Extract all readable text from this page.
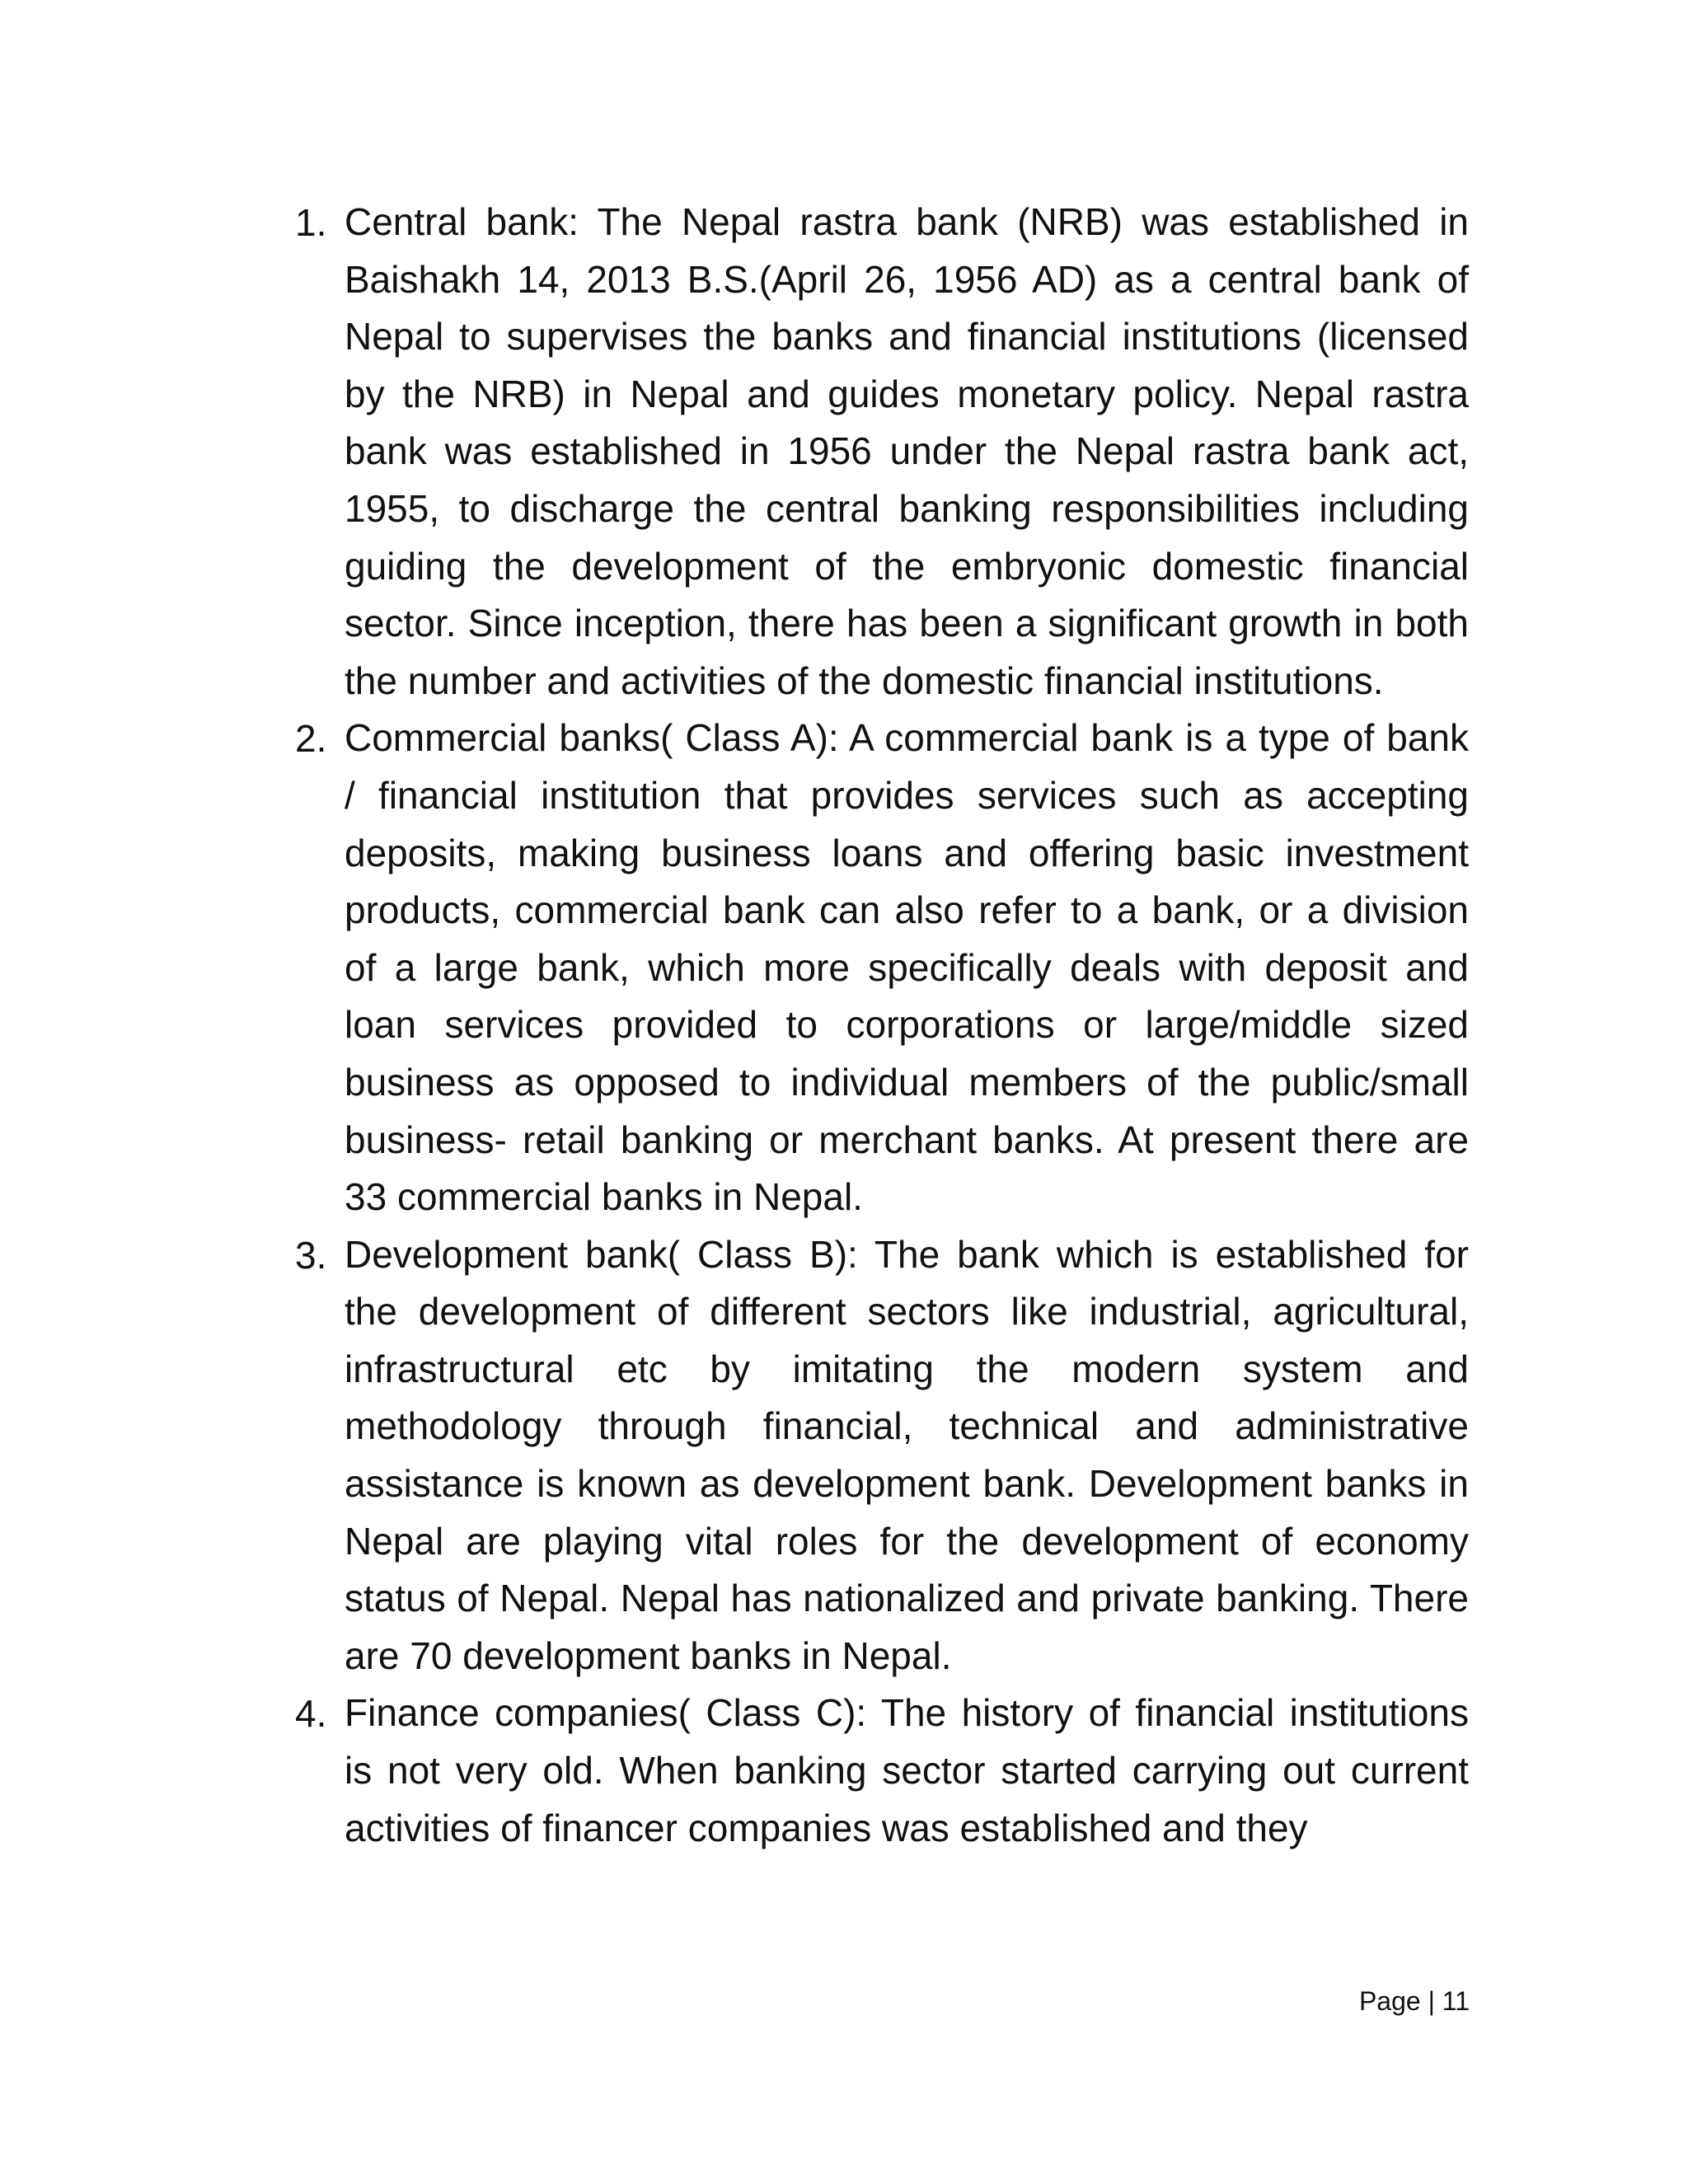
1. Central bank: The Nepal rastra bank (NRB) was established in Baishakh 14, 2013 B.S.(April 26, 1956 AD) as a central bank of Nepal to supervises the banks and financial institutions (licensed by the NRB) in Nepal and guides monetary policy. Nepal rastra bank was established in 1956 under the Nepal rastra bank act, 1955, to discharge the central banking responsibilities including guiding the development of the embryonic domestic financial sector. Since inception, there has been a significant growth in both the number and activities of the domestic financial institutions.

2. Commercial banks( Class A): A commercial bank is a type of bank / financial institution that provides services such as accepting deposits, making business loans and offering basic investment products, commercial bank can also refer to a bank, or a division of a large bank, which more specifically deals with deposit and loan services provided to corporations or large/middle sized business as opposed to individual members of the public/small business- retail banking or merchant banks. At present there are 33 commercial banks in Nepal.

3. Development bank( Class B): The bank which is established for the development of different sectors like industrial, agricultural, infrastructural etc by imitating the modern system and methodology through financial, technical and administrative assistance is known as development bank. Development banks in Nepal are playing vital roles for the development of economy status of Nepal. Nepal has nationalized and private banking. There are 70 development banks in Nepal.

4. Finance companies( Class C): The history of financial institutions is not very old. When banking sector started carrying out current activities of financer companies was established and they

Page | 11
